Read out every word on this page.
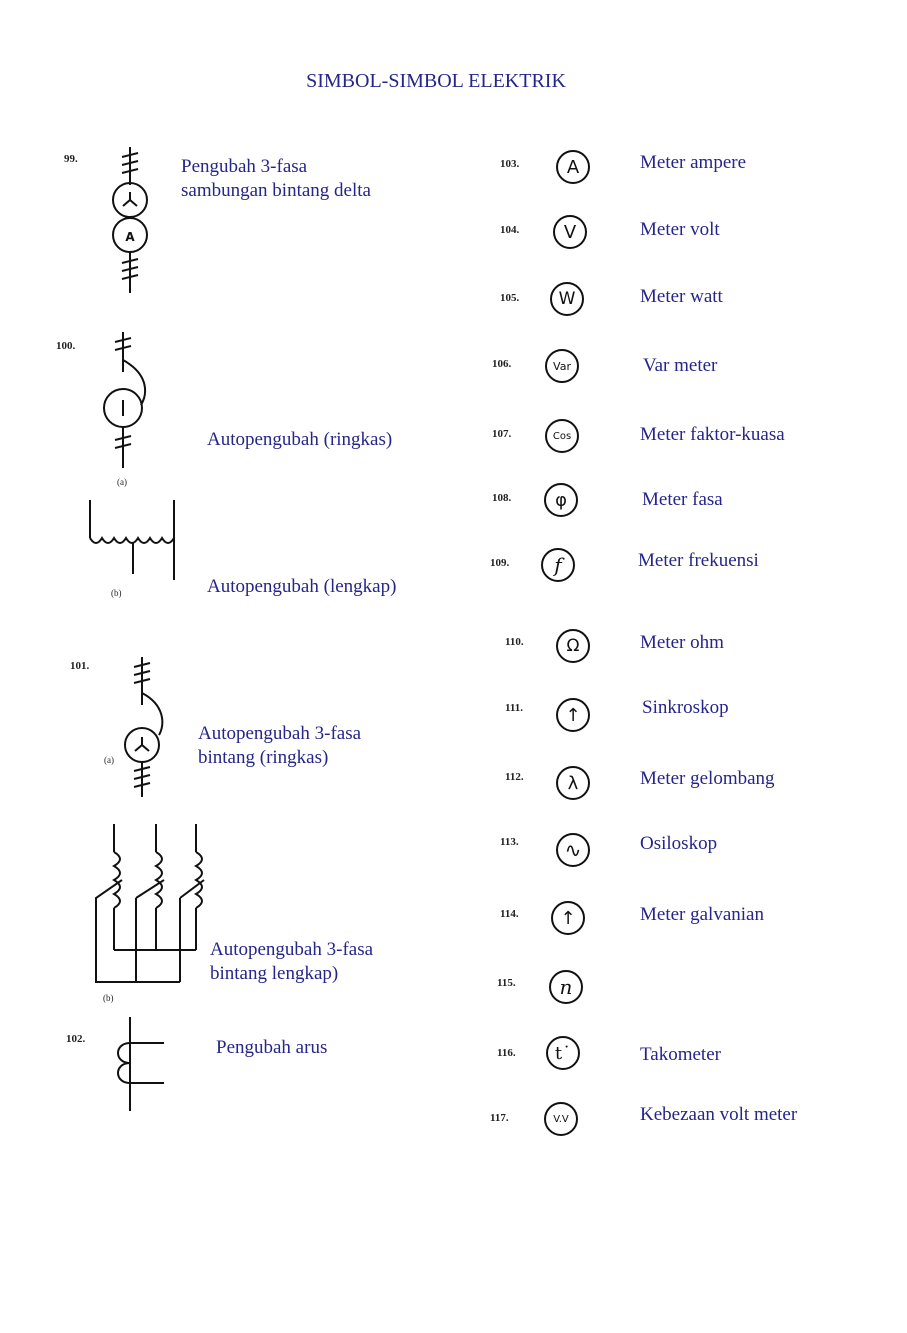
SIMBOL-SIMBOL ELEKTRIK
99.
A
Pengubah 3-fasa
sambungan bintang delta
100.
(a)
Autopengubah (ringkas)
(b)	Autopengubah (lengkap)
101.
(a)
Autopengubah 3-fasa
bintang (ringkas)
(b)
Autopengubah 3-fasa
bintang lengkap)
102.	Pengubah arus
103.	A	Meter ampere
104.	V	Meter volt
105.	W	Meter watt
106.	Var	Var meter
107.	Cos	Meter faktor-kuasa
108.	φ	Meter fasa
109.	f	Meter frekuensi
110.	Ω	Meter ohm
111.	↑	Sinkroskop
112.	λ	Meter gelombang
113.	∿	Osiloskop
114.	↑	Meter galvanian
115.	n
116.	t˙	Takometer
117.	V.V	Kebezaan volt meter
